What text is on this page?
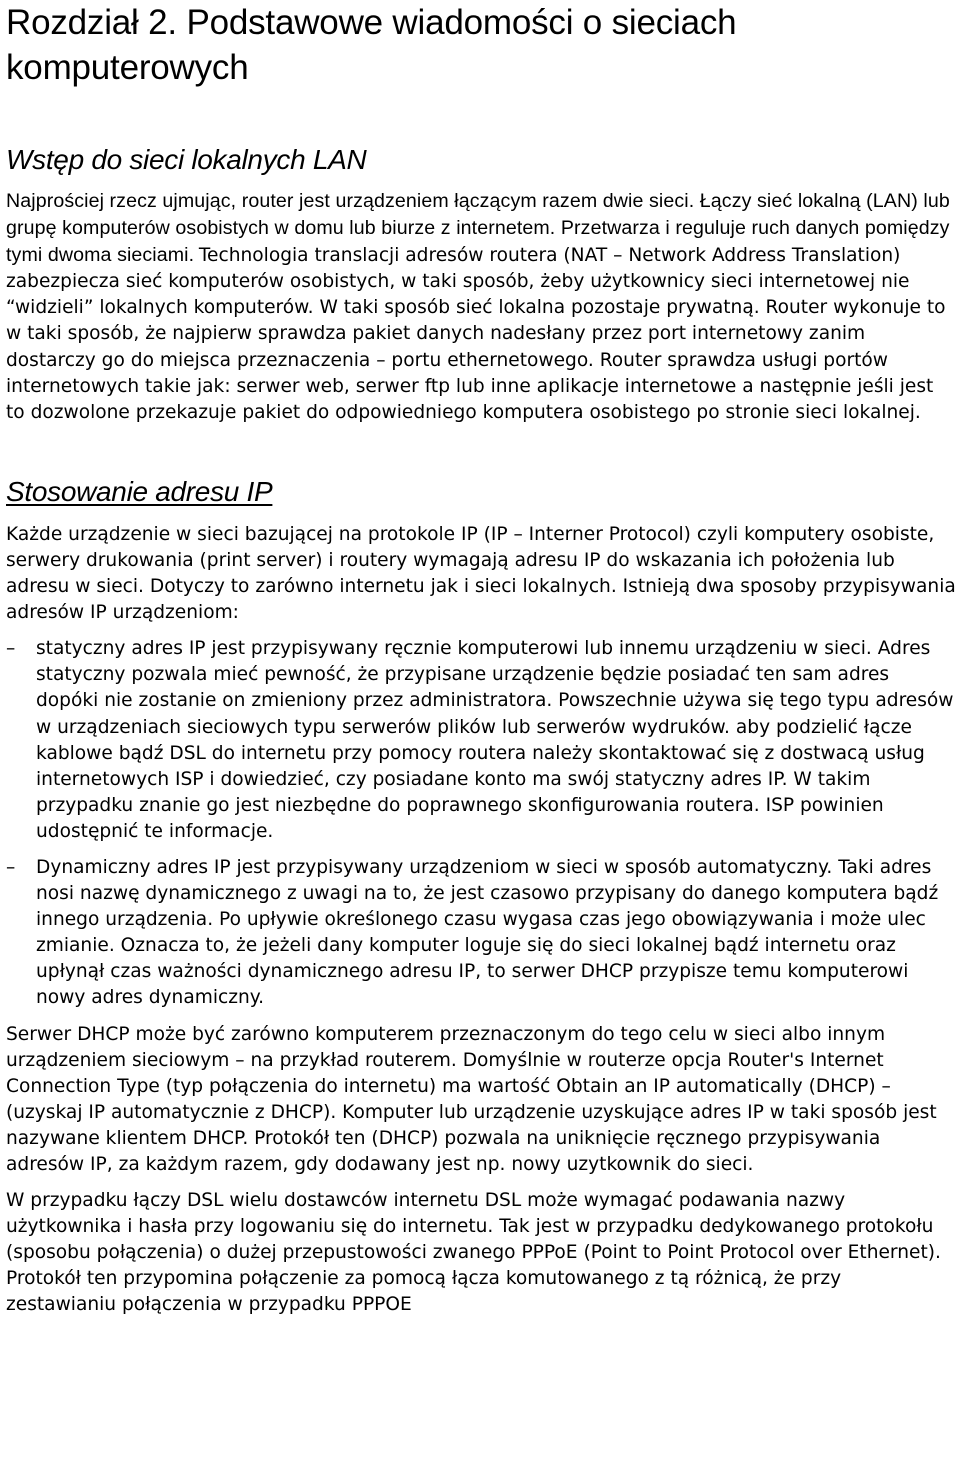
Rozdział 2. Podstawowe wiadomości o sieciach komputerowych
Wstęp do sieci lokalnych LAN

Najprościej rzecz ujmując, router jest urządzeniem łączącym razem dwie sieci. Łączy sieć lokalną (LAN) lub grupę komputerów osobistych w domu lub biurze z internetem. Przetwarza i reguluje ruch danych pomiędzy tymi dwoma sieciami. Technologia translacji adresów routera (NAT – Network Address Translation) zabezpiecza sieć komputerów osobistych, w taki sposób, żeby użytkownicy sieci internetowej nie “widzieli” lokalnych komputerów. W taki sposób sieć lokalna pozostaje prywatną. Router wykonuje to w taki sposób, że najpierw sprawdza pakiet danych nadesłany przez port internetowy zanim dostarczy go do miejsca przeznaczenia – portu ethernetowego. Router sprawdza usługi portów internetowych takie jak: serwer web, serwer ftp lub inne aplikacje internetowe a następnie jeśli jest to dozwolone przekazuje pakiet do odpowiedniego komputera osobistego po stronie sieci lokalnej.

Stosowanie adresu IP

Każde urządzenie w sieci bazującej na protokole IP (IP – Interner Protocol) czyli komputery osobiste, serwery drukowania (print server) i routery wymagają adresu IP do wskazania ich położenia lub adresu w sieci. Dotyczy to zarówno internetu jak i sieci lokalnych. Istnieją dwa sposoby przypisywania adresów IP urządzeniom:

–	statyczny adres IP jest przypisywany ręcznie komputerowi lub innemu urządzeniu w sieci. Adres statyczny pozwala mieć pewność, że przypisane urządzenie będzie posiadać ten sam adres dopóki nie zostanie on zmieniony przez administratora. Powszechnie używa się tego typu adresów w urządzeniach sieciowych typu serwerów plików lub serwerów wydruków. aby podzielić łącze kablowe bądź DSL do internetu przy pomocy routera należy skontaktować się z dostwacą usług internetowych ISP i dowiedzieć, czy posiadane konto ma swój statyczny adres IP. W takim przypadku znanie go jest niezbędne do poprawnego skonfigurowania routera. ISP powinien udostępnić te informacje.
–	Dynamiczny adres IP jest przypisywany urządzeniom w sieci w sposób automatyczny. Taki adres nosi nazwę dynamicznego z uwagi na to, że jest czasowo przypisany do danego komputera bądź innego urządzenia. Po upływie określonego czasu wygasa czas jego obowiązywania i może ulec zmianie. Oznacza to, że jeżeli dany komputer loguje się do sieci lokalnej bądź internetu oraz upłynął czas ważności dynamicznego adresu IP, to serwer DHCP przypisze temu komputerowi nowy adres dynamiczny.

Serwer DHCP może być zarówno komputerem przeznaczonym do tego celu w sieci albo innym urządzeniem sieciowym – na przykład routerem. Domyślnie w routerze opcja Router's Internet Connection Type (typ połączenia do internetu) ma wartość Obtain an IP automatically (DHCP) – (uzyskaj IP automatycznie z DHCP). Komputer lub urządzenie uzyskujące adres IP w taki sposób jest nazywane klientem DHCP. Protokół ten (DHCP) pozwala na uniknięcie ręcznego przypisywania adresów IP, za każdym razem, gdy dodawany jest np. nowy uzytkownik do sieci.

W przypadku łączy DSL wielu dostawców internetu DSL może wymagać podawania nazwy użytkownika i hasła przy logowaniu się do internetu. Tak jest w przypadku dedykowanego protokołu (sposobu połączenia) o dużej przepustowości zwanego PPPoE (Point to Point Protocol over Ethernet). Protokół ten przypomina połączenie za pomocą łącza komutowanego z tą różnicą, że przy zestawianiu połączenia w przypadku PPPOE
